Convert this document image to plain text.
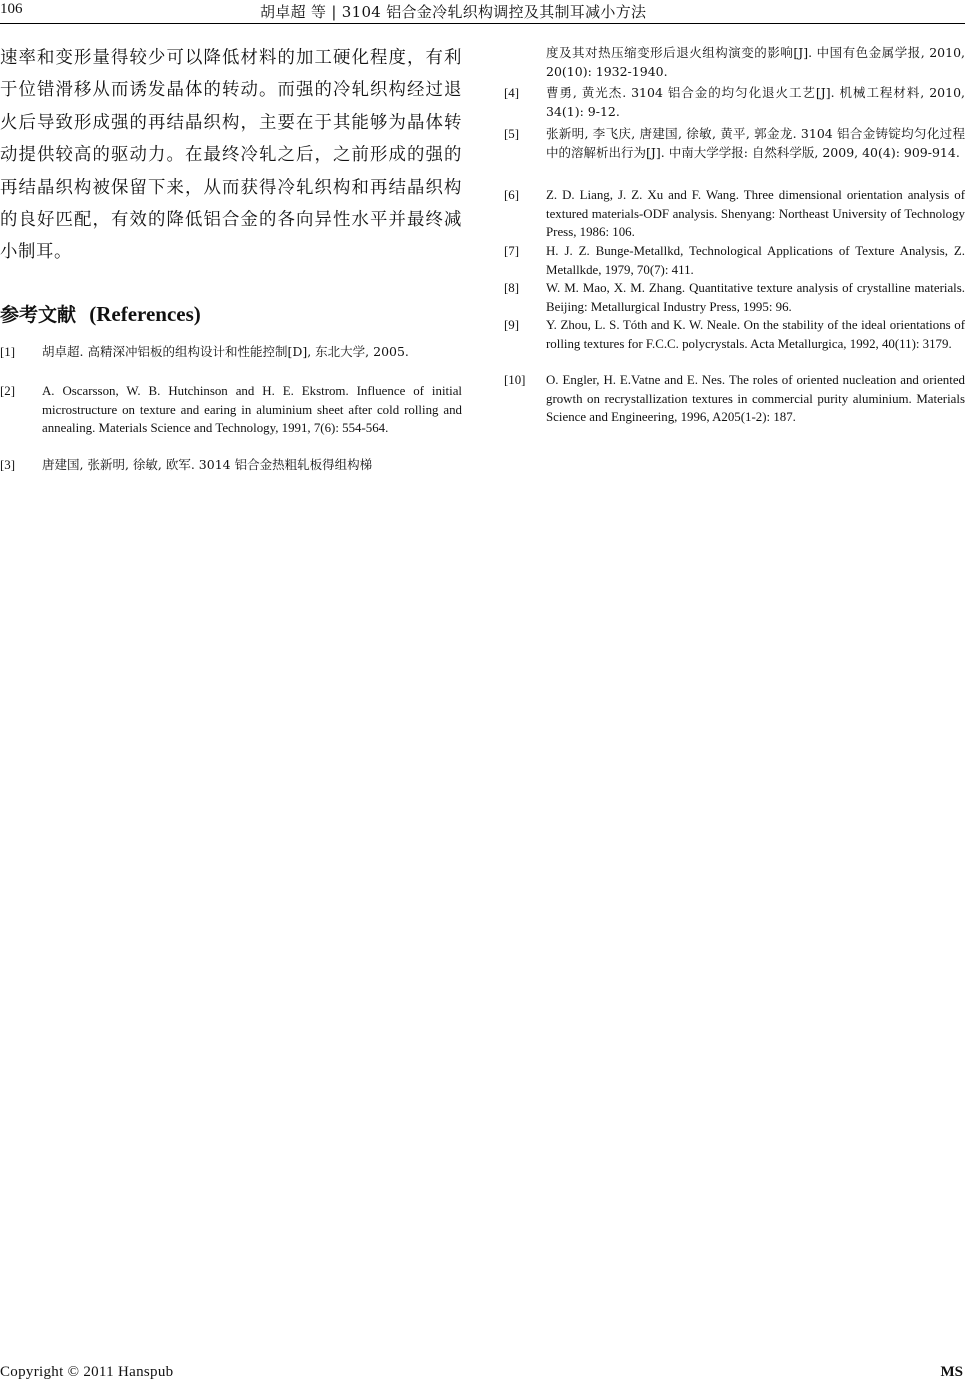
106	胡卓超 等 | 3104 铝合金冷轧织构调控及其制耳减小方法

速率和变形量得较少可以降低材料的加工硬化程度，有利于位错滑移从而诱发晶体的转动。而强的冷轧织构经过退火后导致形成强的再结晶织构，主要在于其能够为晶体转动提供较高的驱动力。在最终冷轧之后，之前形成的强的再结晶织构被保留下来，从而获得冷轧织构和再结晶织构的良好匹配，有效的降低铝合金的各向异性水平并最终减小制耳。

参考文献 (References)
[1] 胡卓超. 高精深冲铝板的组构设计和性能控制[D], 东北大学, 2005.
[2] A. Oscarsson, W. B. Hutchinson and H. E. Ekstrom. Influence of initial microstructure on texture and earing in aluminium sheet after cold rolling and annealing. Materials Science and Technology, 1991, 7(6): 554-564.
[3] 唐建国, 张新明, 徐敏, 欧军. 3014 铝合金热粗轧板得组构梯
度及其对热压缩变形后退火组构演变的影响[J]. 中国有色金属学报, 2010, 20(10): 1932-1940.
[4] 曹勇, 黄光杰. 3104 铝合金的均匀化退火工艺[J]. 机械工程材料, 2010, 34(1): 9-12.
[5] 张新明, 李飞庆, 唐建国, 徐敏, 黄平, 郭金龙. 3104 铝合金铸锭均匀化过程中的溶解析出行为[J]. 中南大学学报: 自然科学版, 2009, 40(4): 909-914.
[6] Z. D. Liang, J. Z. Xu and F. Wang. Three dimensional orientation analysis of textured materials-ODF analysis. Shenyang: Northeast University of Technology Press, 1986: 106.
[7] H. J. Z. Bunge-Metallkd, Technological Applications of Texture Analysis, Z. Metallkde, 1979, 70(7): 411.
[8] W. M. Mao, X. M. Zhang. Quantitative texture analysis of crystalline materials. Beijing: Metallurgical Industry Press, 1995: 96.
[9] Y. Zhou, L. S. Tóth and K. W. Neale. On the stability of the ideal orientations of rolling textures for F.C.C. polycrystals. Acta Metallurgica, 1992, 40(11): 3179.
[10] O. Engler, H. E.Vatne and E. Nes. The roles of oriented nucleation and oriented growth on recrystallization textures in commercial purity aluminium. Materials Science and Engineering, 1996, A205(1-2): 187.
Copyright © 2011 Hanspub	MS
